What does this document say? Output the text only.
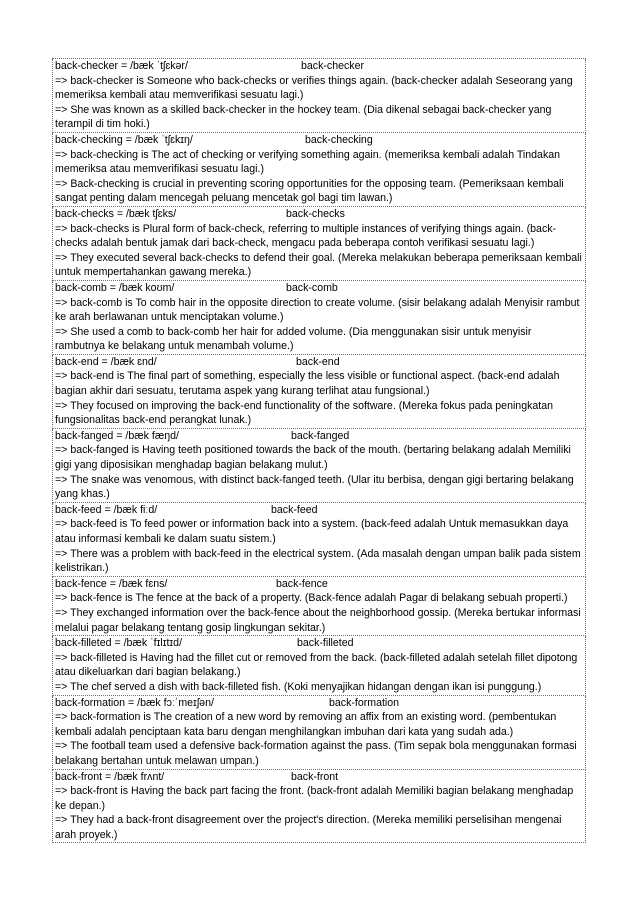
back-checker = /bæk ˈtʃɛkər/	back-checker
=> back-checker is Someone who back-checks or verifies things again. (back-checker adalah Seseorang yang memeriksa kembali atau memverifikasi sesuatu lagi.)
=> She was known as a skilled back-checker in the hockey team. (Dia dikenal sebagai back-checker yang terampil di tim hoki.)
back-checking = /bæk ˈtʃɛkɪŋ/	back-checking
=> back-checking is The act of checking or verifying something again. (memeriksa kembali adalah Tindakan memeriksa atau memverifikasi sesuatu lagi.)
=> Back-checking is crucial in preventing scoring opportunities for the opposing team. (Pemeriksaan kembali sangat penting dalam mencegah peluang mencetak gol bagi tim lawan.)
back-checks = /bæk tʃɛks/	back-checks
=> back-checks is Plural form of back-check, referring to multiple instances of verifying things again. (back-checks adalah bentuk jamak dari back-check, mengacu pada beberapa contoh verifikasi sesuatu lagi.)
=> They executed several back-checks to defend their goal. (Mereka melakukan beberapa pemeriksaan kembali untuk mempertahankan gawang mereka.)
back-comb = /bæk koʊm/	back-comb
=> back-comb is To comb hair in the opposite direction to create volume. (sisir belakang adalah Menyisir rambut ke arah berlawanan untuk menciptakan volume.)
=> She used a comb to back-comb her hair for added volume. (Dia menggunakan sisir untuk menyisir rambutnya ke belakang untuk menambah volume.)
back-end = /bæk ɛnd/	back-end
=> back-end is The final part of something, especially the less visible or functional aspect. (back-end adalah bagian akhir dari sesuatu, terutama aspek yang kurang terlihat atau fungsional.)
=> They focused on improving the back-end functionality of the software. (Mereka fokus pada peningkatan fungsionalitas back-end perangkat lunak.)
back-fanged = /bæk fæŋd/	back-fanged
=> back-fanged is Having teeth positioned towards the back of the mouth. (bertaring belakang adalah Memiliki gigi yang diposisikan menghadap bagian belakang mulut.)
=> The snake was venomous, with distinct back-fanged teeth. (Ular itu berbisa, dengan gigi bertaring belakang yang khas.)
back-feed = /bæk fiːd/	back-feed
=> back-feed is To feed power or information back into a system. (back-feed adalah Untuk memasukkan daya atau informasi kembali ke dalam suatu sistem.)
=> There was a problem with back-feed in the electrical system. (Ada masalah dengan umpan balik pada sistem kelistrikan.)
back-fence = /bæk fɛns/	back-fence
=> back-fence is The fence at the back of a property. (Back-fence adalah Pagar di belakang sebuah properti.)
=> They exchanged information over the back-fence about the neighborhood gossip. (Mereka bertukar informasi melalui pagar belakang tentang gosip lingkungan sekitar.)
back-filleted = /bæk ˈfɪlɪtɪd/	back-filleted
=> back-filleted is Having had the fillet cut or removed from the back. (back-filleted adalah setelah fillet dipotong atau dikeluarkan dari bagian belakang.)
=> The chef served a dish with back-filleted fish. (Koki menyajikan hidangan dengan ikan isi punggung.)
back-formation = /bæk fɔːˈmeɪʃən/	back-formation
=> back-formation is The creation of a new word by removing an affix from an existing word. (pembentukan kembali adalah penciptaan kata baru dengan menghilangkan imbuhan dari kata yang sudah ada.)
=> The football team used a defensive back-formation against the pass. (Tim sepak bola menggunakan formasi belakang bertahan untuk melawan umpan.)
back-front = /bæk frʌnt/	back-front
=> back-front is Having the back part facing the front. (back-front adalah Memiliki bagian belakang menghadap ke depan.)
=> They had a back-front disagreement over the project's direction. (Mereka memiliki perselisihan mengenai arah proyek.)
